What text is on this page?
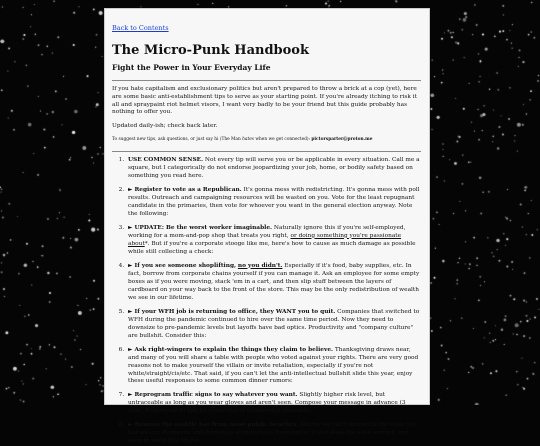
Back to Contents
The Micro-Punk Handbook
Fight the Power in Your Everyday Life

If you hate capitalism and exclusionary politics but aren't prepared to throw a brick at a cop (yet), here are some basic anti-establishment tips to serve as your starting point. If you're already itching to risk it all and spraypaint riot helmet visors, I want very badly to be your friend but this guide probably has nothing to offer you.

Updated daily-ish; check back later.

To suggest new tips, ask questions, or just say hi (The Man hates when we get connected): pictorsparter@proton.me

1. USE COMMON SENSE. Not every tip will serve you or be applicable in every situation. Call me a square, but I categorically do not endorse jeopardizing your job, home, or bodily safety based on something you read here.
2. ► Register to vote as a Republican. It's gonna mess with redistricting. It's gonna mess with poll results. Outreach and campaigning resources will be wasted on you. Vote for the least repugnant candidate in the primaries, then vote for whoever you want in the general election anyway. Note the following:
3. ► UPDATE: Be the worst worker imaginable. Naturally ignore this if you're self-employed, working for a mom-and-pop shop that treats you right, or doing something you're passionate about*. But if you're a corporate stooge like me, here's how to cause as much damage as possible while still collecting a check:
4. ► If you see someone shoplifting, no you didn't. Especially if it's food, baby supplies, etc. In fact, borrow from corporate chains yourself if you can manage it. Ask an employee for some empty boxes as if you were moving, stack 'em in a cart, and then slip stuff between the layers of cardboard on your way back to the front of the store. This may be the only redistribution of wealth we see in our lifetime.
5. ► If your WFH job is returning to office, they WANT you to quit. Companies that switched to WFH during the pandemic continued to hire over the same time period. Now they need to downsize to pre-pandemic levels but layoffs have bad optics. Productivity and "company culture" are bullshit. Consider this:
6. ► Ask right-wingers to explain the things they claim to believe. Thanksgiving draws near, and many of you will share a table with people who voted against your rights. There are very good reasons not to make yourself the villain or invite retaliation, especially if you're not white/straight/cis/etc. That said, if you can't let the anti-intellectual bullshit slide this year, enjoy these useful responses to some common dinner rumors:
7. ► Reprogram traffic signs to say whatever you want. Slightly higher risk level, but untraceable as long as you wear gloves and aren't seen. Compose your message in advance (3 lines, 8 chars each) and be conscious of unintended outcomes.
8. ► Remove the middle bar from most public benches. Maybe we can't dismantle the state yet, but we can dismantle anti-homeless architecture. Even better if you steal the allen wrench, but keep in mind that Home
